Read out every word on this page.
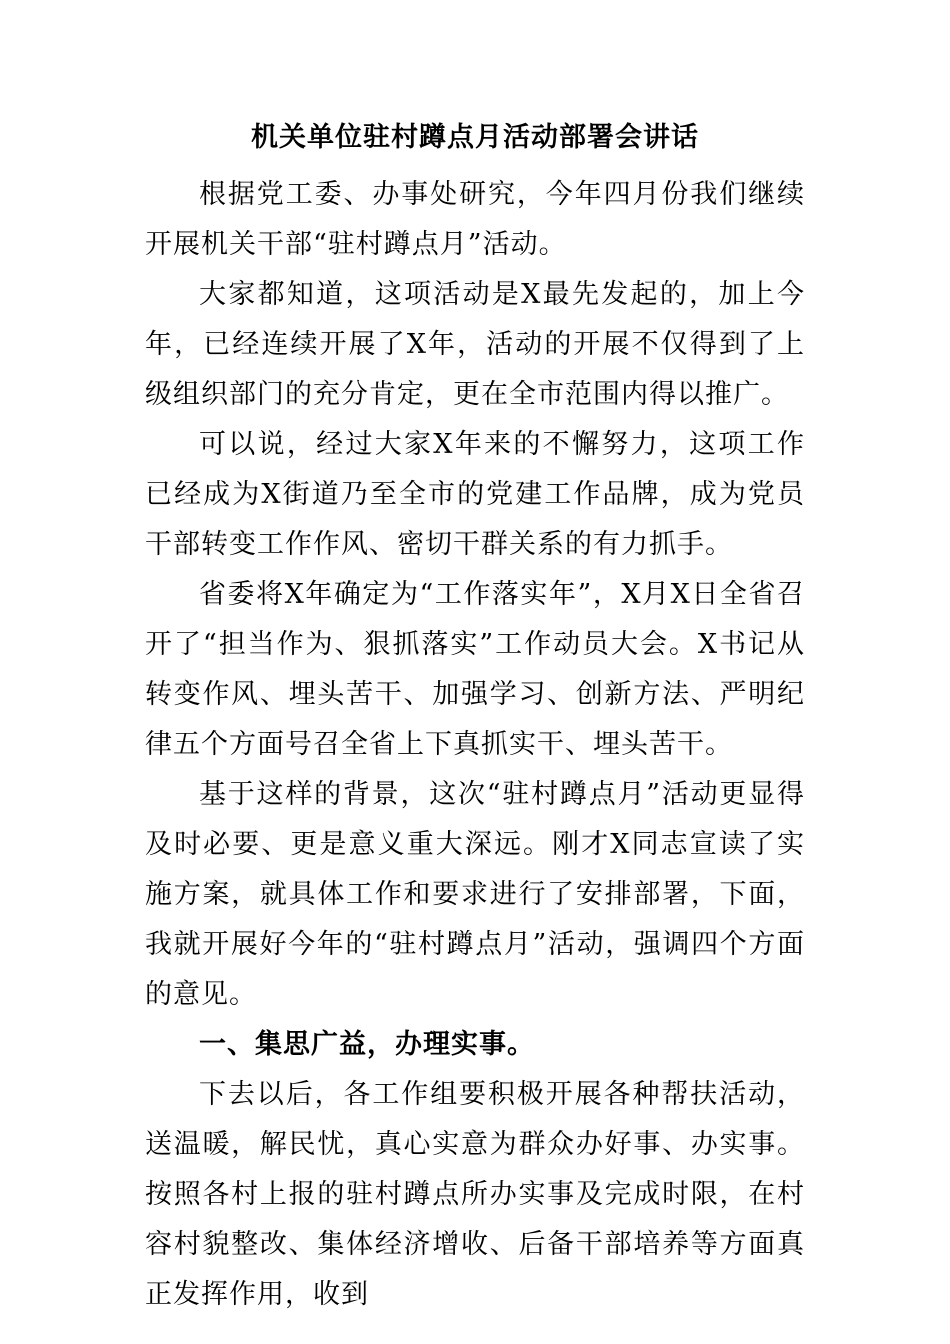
机关单位驻村蹲点月活动部署会讲话

根据党工委、办事处研究，今年四月份我们继续开展机关干部“驻村蹲点月”活动。

大家都知道，这项活动是X最先发起的，加上今年，已经连续开展了X年，活动的开展不仅得到了上级组织部门的充分肯定，更在全市范围内得以推广。

可以说，经过大家X年来的不懈努力，这项工作已经成为X街道乃至全市的党建工作品牌，成为党员干部转变工作作风、密切干群关系的有力抓手。

省委将X年确定为“工作落实年”，X月X日全省召开了“担当作为、狠抓落实”工作动员大会。X书记从转变作风、埋头苦干、加强学习、创新方法、严明纪律五个方面号召全省上下真抓实干、埋头苦干。

基于这样的背景，这次“驻村蹲点月”活动更显得及时必要、更是意义重大深远。刚才X同志宣读了实施方案，就具体工作和要求进行了安排部署，下面，我就开展好今年的“驻村蹲点月”活动，强调四个方面的意见。

一、集思广益，办理实事。

下去以后，各工作组要积极开展各种帮扶活动，送温暖，解民忧，真心实意为群众办好事、办实事。按照各村上报的驻村蹲点所办实事及完成时限，在村容村貌整改、集体经济增收、后备干部培养等方面真正发挥作用，收到
